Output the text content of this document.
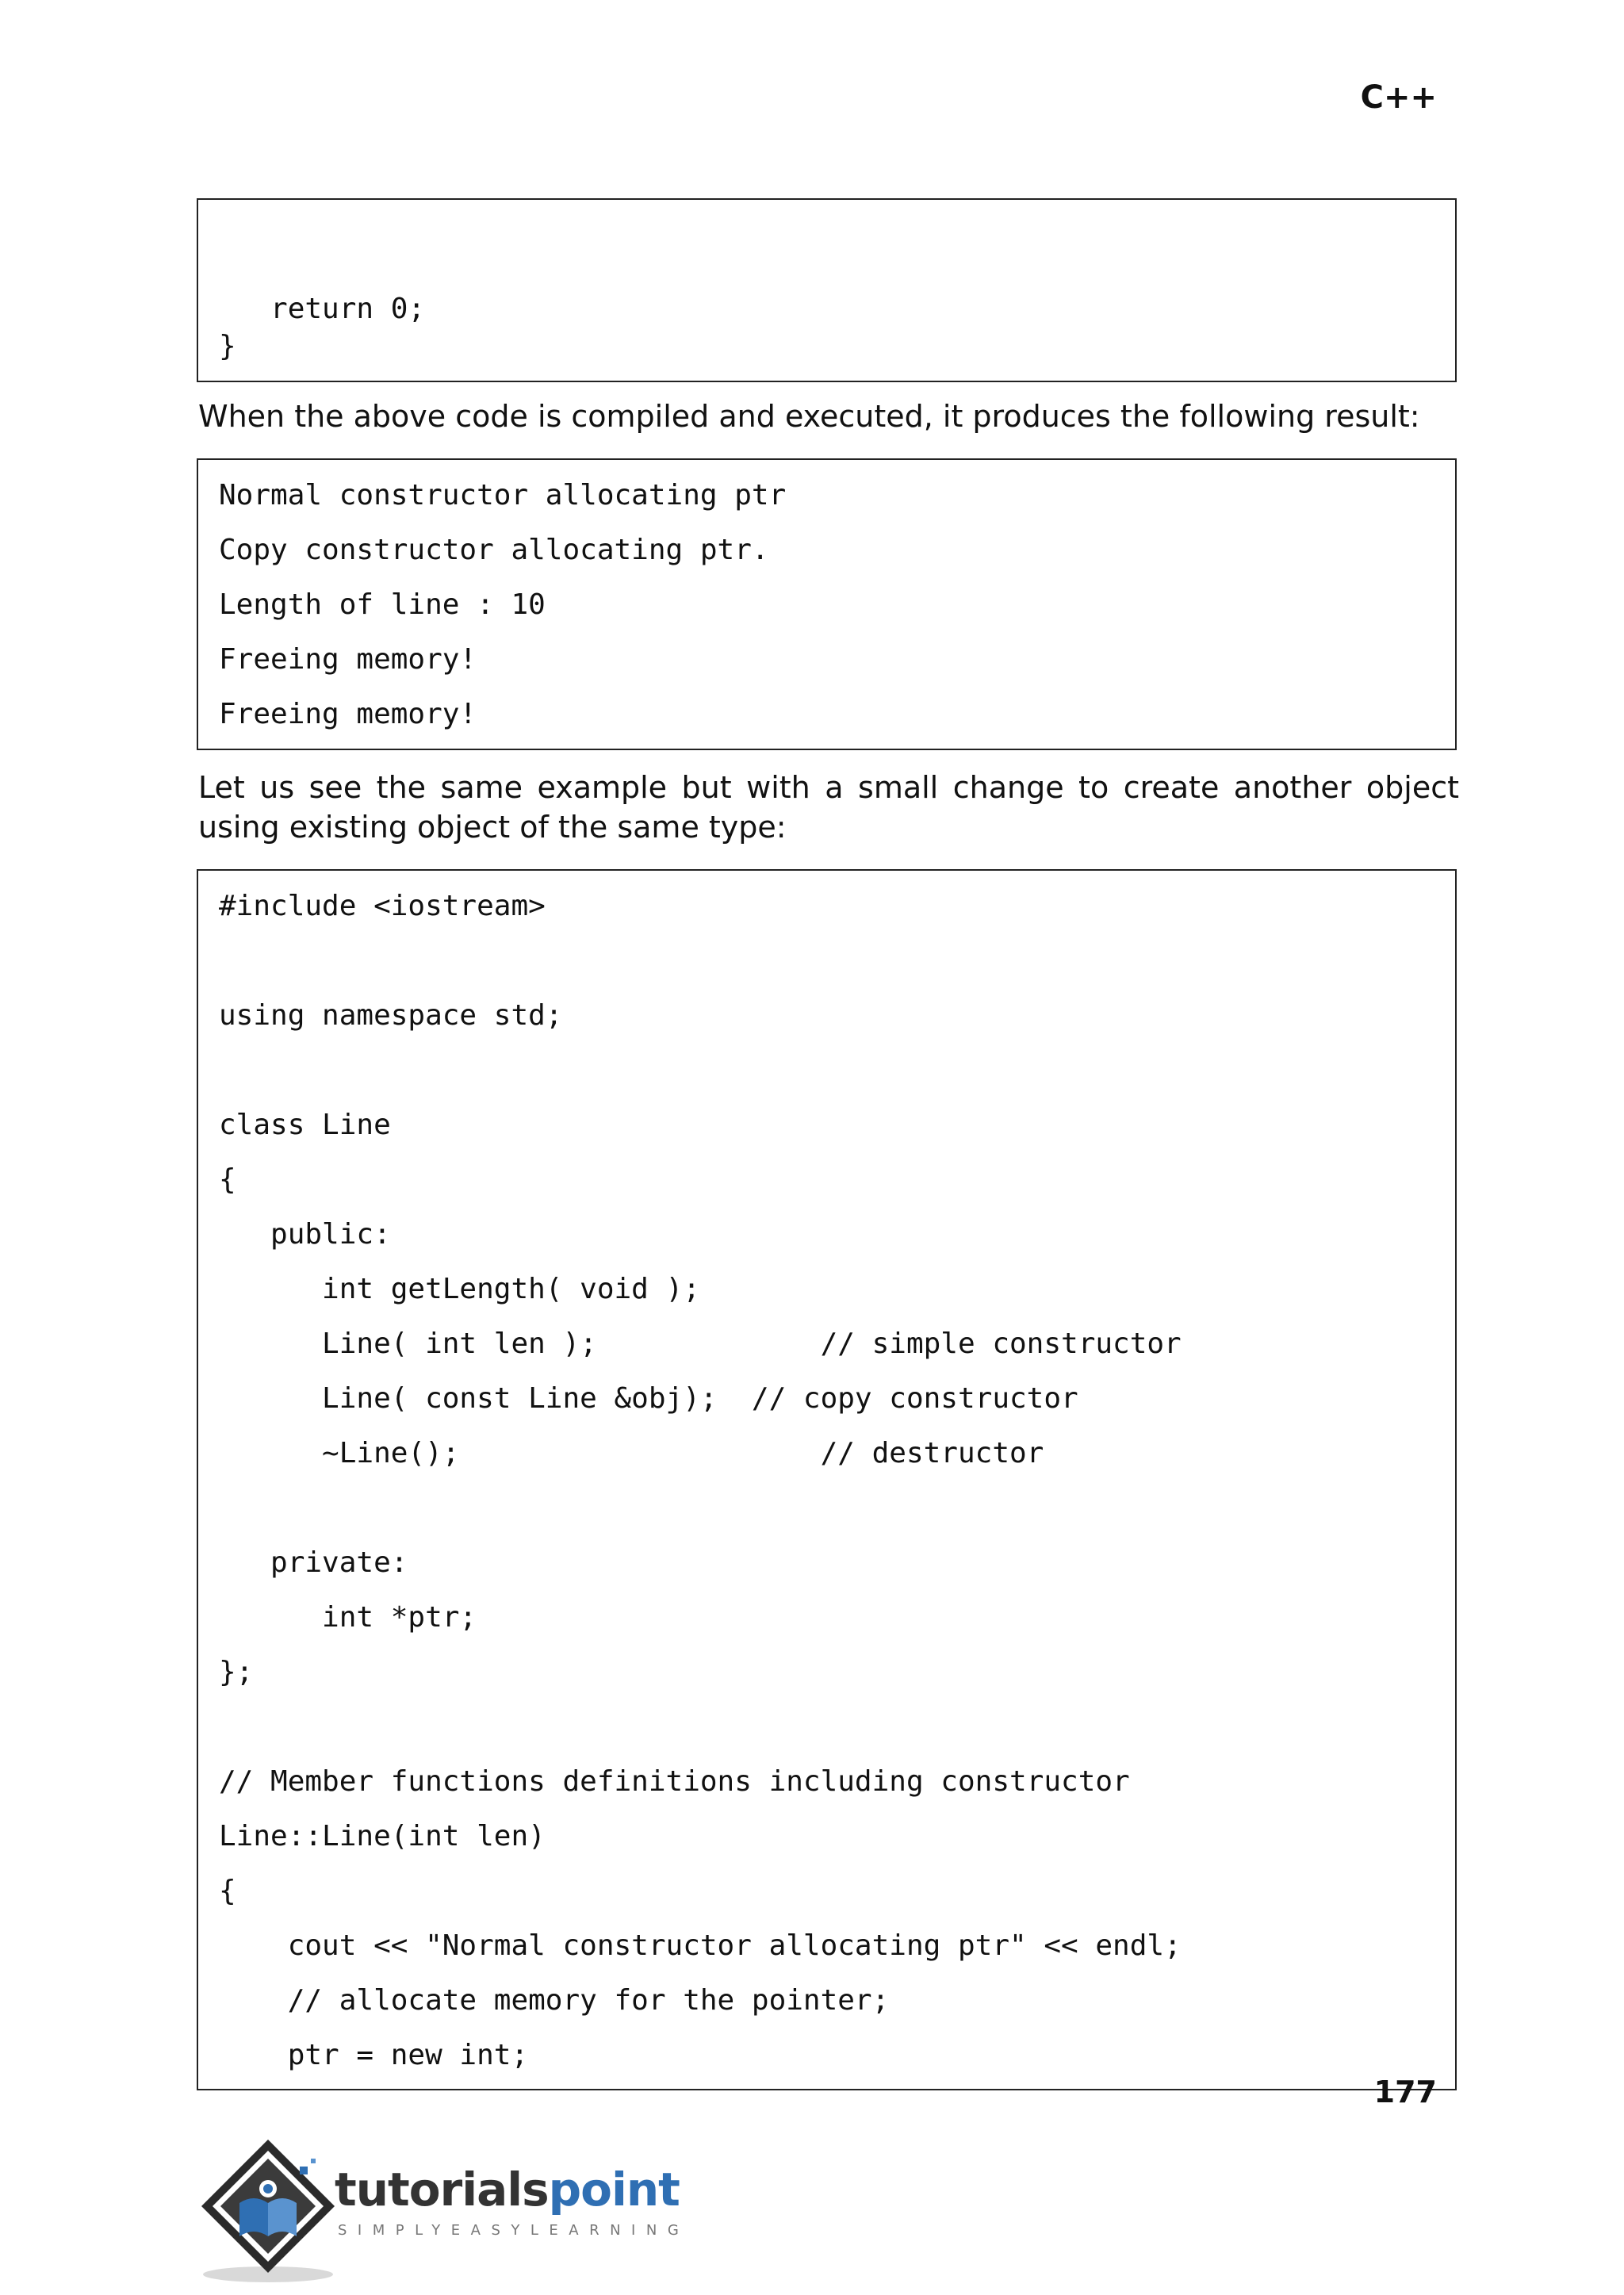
C++
return 0;
}
When the above code is compiled and executed, it produces the following result:
Normal constructor allocating ptr
Copy constructor allocating ptr.
Length of line : 10
Freeing memory!
Freeing memory!
Let us see the same example but with a small change to create another object using existing object of the same type:
#include <iostream>
using namespace std;
class Line
{
public:
int getLength( void );
Line( int len );             // simple constructor
Line( const Line &obj);  // copy constructor
~Line();                     // destructor
private:
int *ptr;
};
// Member functions definitions including constructor
Line::Line(int len)
{
cout << "Normal constructor allocating ptr" << endl;
// allocate memory for the pointer;
ptr = new int;
177
tutorialspoint
SIMPLYEASYLEARNING
